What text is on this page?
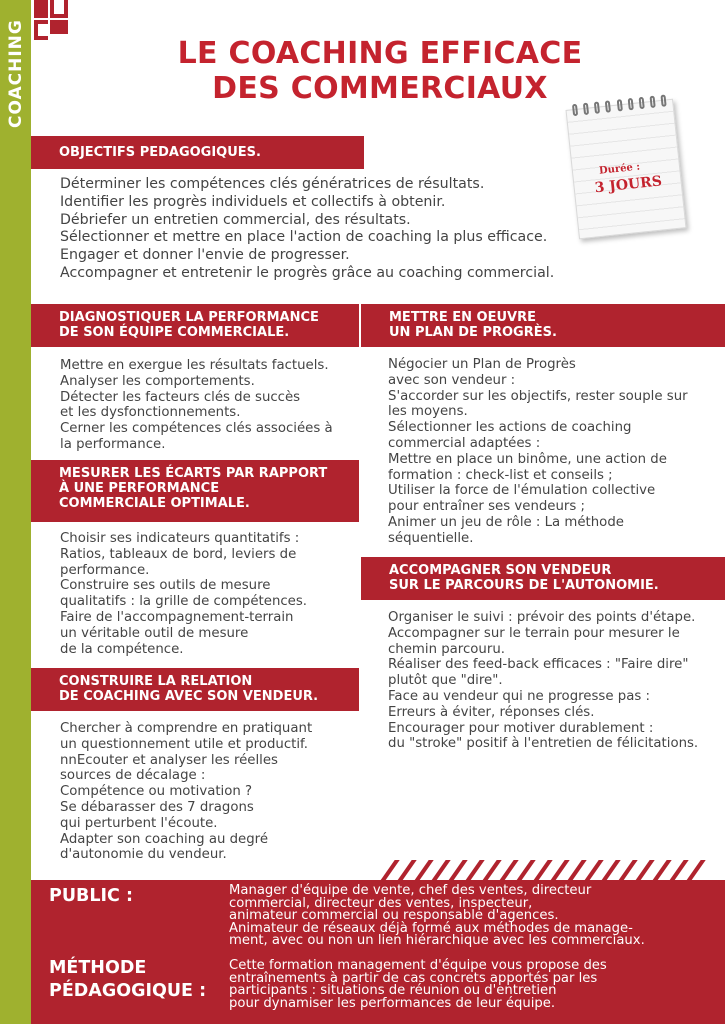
COACHING	LE COACHING EFFICACE
DES COMMERCIAUX
Durée :
3 JOURS
OBJECTIFS PEDAGOGIQUES.
Déterminer les compétences clés génératrices de résultats.
Identifier les progrès individuels et collectifs à obtenir.
Débriefer un entretien commercial, des résultats.
Sélectionner et mettre en place l'action de coaching la plus efficace.
Engager et donner l'envie de progresser.
Accompagner et entretenir le progrès grâce au coaching commercial.
DIAGNOSTIQUER LA PERFORMANCE
DE SON ÉQUIPE COMMERCIALE.
Mettre en exergue les résultats factuels.
Analyser les comportements.
Détecter les facteurs clés de succès
et les dysfonctionnements.
Cerner les compétences clés associées à
la performance.
MESURER LES ÉCARTS PAR RAPPORT
À UNE PERFORMANCE
COMMERCIALE OPTIMALE.
Choisir ses indicateurs quantitatifs :
Ratios, tableaux de bord, leviers de
performance.
Construire ses outils de mesure
qualitatifs : la grille de compétences.
Faire de l'accompagnement-terrain
un véritable outil de mesure
de la compétence.
CONSTRUIRE LA RELATION
DE COACHING AVEC SON VENDEUR.
Chercher à comprendre en pratiquant
un questionnement utile et productif.
nnEcouter et analyser les réelles
sources de décalage :
Compétence ou motivation ?
Se débarasser des 7 dragons
qui perturbent l'écoute.
Adapter son coaching au degré
d'autonomie du vendeur.
METTRE EN OEUVRE
UN PLAN DE PROGRÈS.
Négocier un Plan de Progrès
avec son vendeur :
S'accorder sur les objectifs, rester souple sur
les moyens.
Sélectionner les actions de coaching
commercial adaptées :
Mettre en place un binôme, une action de
formation : check-list et conseils ;
Utiliser la force de l'émulation collective
pour entraîner ses vendeurs ;
Animer un jeu de rôle : La méthode
séquentielle.
ACCOMPAGNER SON VENDEUR
SUR LE PARCOURS DE L'AUTONOMIE.
Organiser le suivi : prévoir des points d'étape.
Accompagner sur le terrain pour mesurer le
chemin parcouru.
Réaliser des feed-back efficaces : "Faire dire"
plutôt que "dire".
Face au vendeur qui ne progresse pas :
Erreurs à éviter, réponses clés.
Encourager pour motiver durablement :
du "stroke" positif à l'entretien de félicitations.
PUBLIC :	Manager d'équipe de vente, chef des ventes, directeur
commercial, directeur des ventes, inspecteur,
animateur commercial ou responsable d'agences.
Animateur de réseaux déjà formé aux méthodes de manage-
ment, avec ou non un lien hiérarchique avec les commerciaux.
MÉTHODE
PÉDAGOGIQUE :
Cette formation management d'équipe vous propose des
entraînements à partir de cas concrets apportés par les
participants : situations de réunion ou d'entretien
pour dynamiser les performances de leur équipe.
